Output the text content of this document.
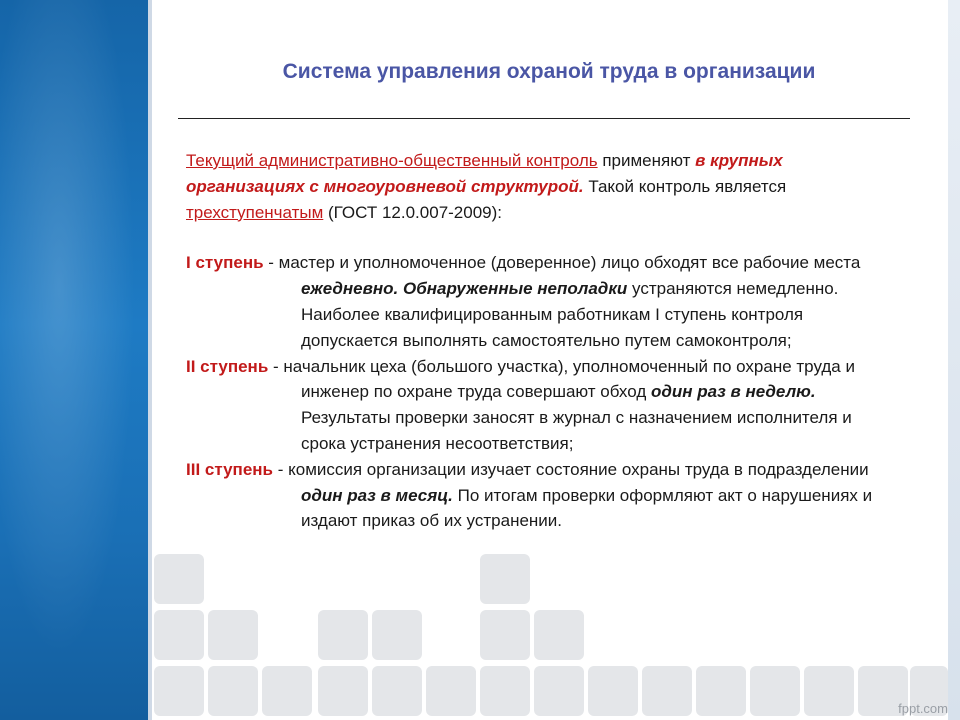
Система управления охраной труда в организации

Текущий административно-общественный контроль применяют в крупных организациях с многоуровневой структурой. Такой контроль является трехступенчатым (ГОСТ 12.0.007-2009):

I ступень - мастер и уполномоченное (доверенное) лицо обходят все рабочие места ежедневно. Обнаруженные неполадки устраняются немедленно. Наиболее квалифицированным работникам I ступень контроля допускается выполнять самостоятельно путем самоконтроля;

II ступень - начальник цеха (большого участка), уполномоченный по охране труда и инженер по охране труда совершают обход один раз в неделю. Результаты проверки заносят в журнал с назначением исполнителя и срока устранения несоответствия;

III ступень - комиссия организации изучает состояние охраны труда в подразделении один раз в месяц. По итогам проверки оформляют акт о нарушениях и издают приказ об их устранении.

fppt.com
